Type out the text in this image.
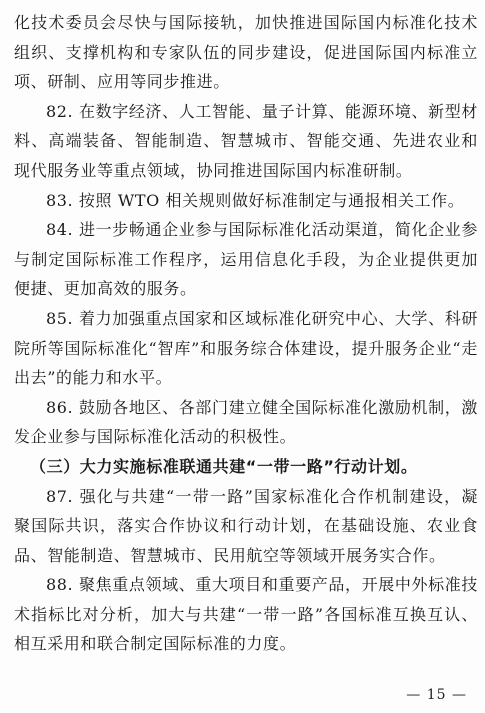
化技术委员会尽快与国际接轨，加快推进国际国内标准化技术组织、支撑机构和专家队伍的同步建设，促进国际国内标准立项、研制、应用等同步推进。

82. 在数字经济、人工智能、量子计算、能源环境、新型材料、高端装备、智能制造、智慧城市、智能交通、先进农业和现代服务业等重点领域，协同推进国际国内标准研制。

83. 按照 WTO 相关规则做好标准制定与通报相关工作。

84. 进一步畅通企业参与国际标准化活动渠道，简化企业参与制定国际标准工作程序，运用信息化手段，为企业提供更加便捷、更加高效的服务。

85. 着力加强重点国家和区域标准化研究中心、大学、科研院所等国际标准化“智库”和服务综合体建设，提升服务企业“走出去”的能力和水平。

86. 鼓励各地区、各部门建立健全国际标准化激励机制，激发企业参与国际标准化活动的积极性。

（三）大力实施标准联通共建“一带一路”行动计划。

87. 强化与共建“一带一路”国家标准化合作机制建设，凝聚国际共识，落实合作协议和行动计划，在基础设施、农业食品、智能制造、智慧城市、民用航空等领域开展务实合作。

88. 聚焦重点领域、重大项目和重要产品，开展中外标准技术指标比对分析，加大与共建“一带一路”各国标准互换互认、相互采用和联合制定国际标准的力度。

— 15 —
